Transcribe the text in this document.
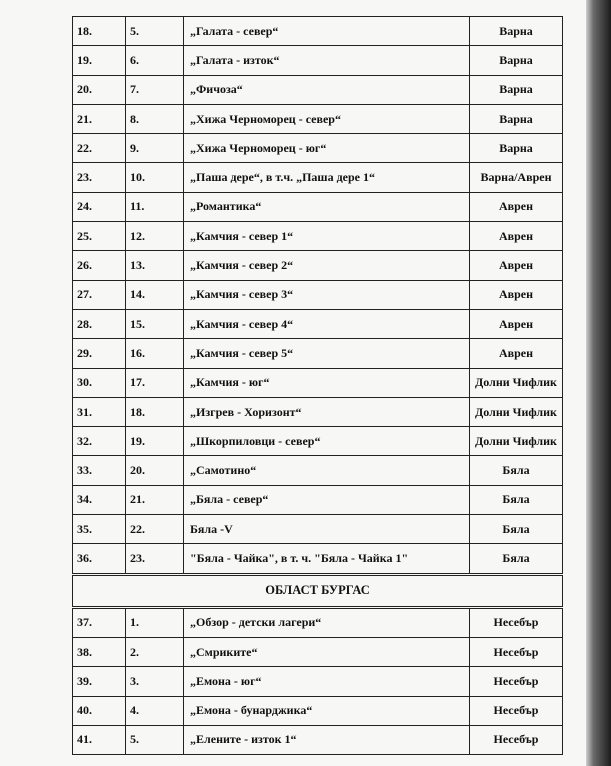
18.	5.	„Галата - север“	Варна
19.	6.	„Галата - изток“	Варна
20.	7.	„Фичоза“	Варна
21.	8.	„Хижа Черноморец - север“	Варна
22.	9.	„Хижа Черноморец - юг“	Варна
23.	10.	„Паша дере“, в т.ч. „Паша дере 1“	Варна/Аврен
24.	11.	„Романтика“	Аврен
25.	12.	„Камчия - север 1“	Аврен
26.	13.	„Камчия - север 2“	Аврен
27.	14.	„Камчия - север 3“	Аврен
28.	15.	„Камчия - север 4“	Аврен
29.	16.	„Камчия - север 5“	Аврен
30.	17.	„Камчия - юг“	Долни Чифлик
31.	18.	„Изгрев - Хоризонт“	Долни Чифлик
32.	19.	„Шкорпиловци - север“	Долни Чифлик
33.	20.	„Самотино“	Бяла
34.	21.	„Бяла - север“	Бяла
35.	22.	Бяла -V	Бяла
36.	23.	"Бяла - Чайка", в т. ч. "Бяла - Чайка 1"	Бяла
ОБЛАСТ БУРГАС			
37.	1.	„Обзор - детски лагери“	Несебър
38.	2.	„Смриките“	Несебър
39.	3.	„Емона - юг“	Несебър
40.	4.	„Емона - бунарджика“	Несебър
41.	5.	„Елените - изток 1“	Несебър
